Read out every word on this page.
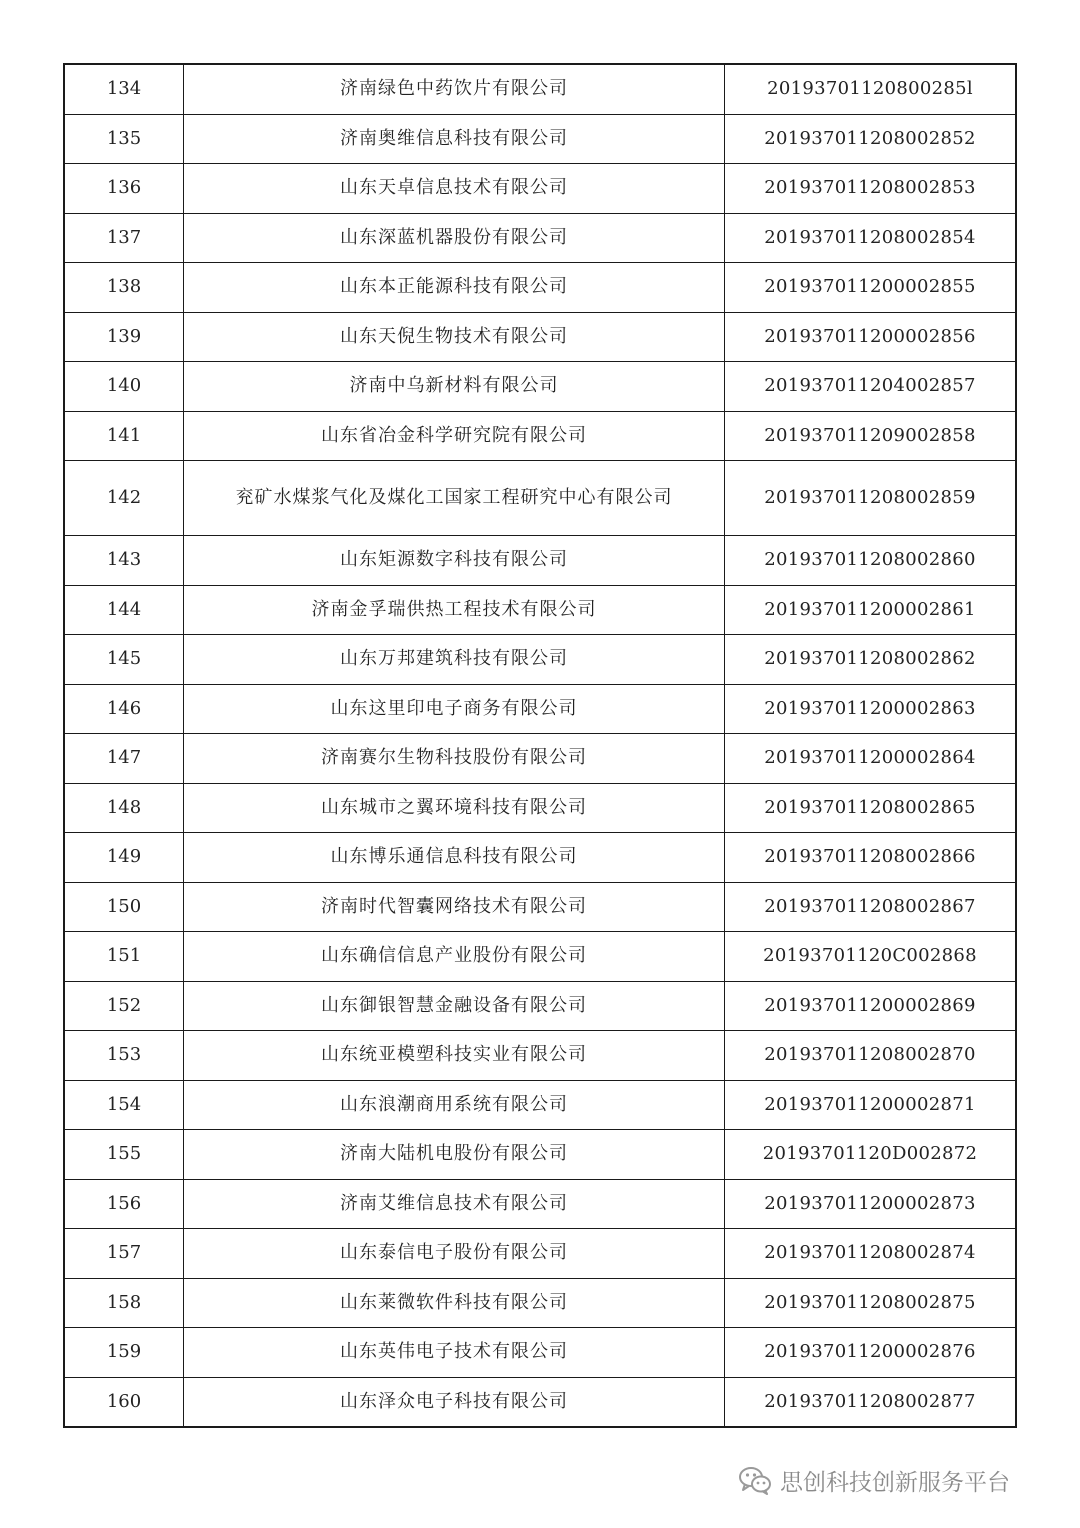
134	济南绿色中药饮片有限公司	20193701120800285l
135	济南奥维信息科技有限公司	201937011208002852
136	山东天卓信息技术有限公司	201937011208002853
137	山东深蓝机器股份有限公司	201937011208002854
138	山东本正能源科技有限公司	201937011200002855
139	山东天倪生物技术有限公司	201937011200002856
140	济南中乌新材料有限公司	201937011204002857
141	山东省冶金科学研究院有限公司	201937011209002858
142	兖矿水煤浆气化及煤化工国家工程研究中心有限公司	201937011208002859
143	山东矩源数字科技有限公司	201937011208002860
144	济南金孚瑞供热工程技术有限公司	201937011200002861
145	山东万邦建筑科技有限公司	201937011208002862
146	山东这里印电子商务有限公司	201937011200002863
147	济南赛尔生物科技股份有限公司	201937011200002864
148	山东城市之翼环境科技有限公司	201937011208002865
149	山东博乐通信息科技有限公司	201937011208002866
150	济南时代智囊网络技术有限公司	201937011208002867
151	山东确信信息产业股份有限公司	20193701120C002868
152	山东御银智慧金融设备有限公司	201937011200002869
153	山东统亚模塑科技实业有限公司	201937011208002870
154	山东浪潮商用系统有限公司	201937011200002871
155	济南大陆机电股份有限公司	20193701120D002872
156	济南艾维信息技术有限公司	201937011200002873
157	山东泰信电子股份有限公司	201937011208002874
158	山东莱微软件科技有限公司	201937011208002875
159	山东英伟电子技术有限公司	201937011200002876
160	山东泽众电子科技有限公司	201937011208002877
思创科技创新服务平台
